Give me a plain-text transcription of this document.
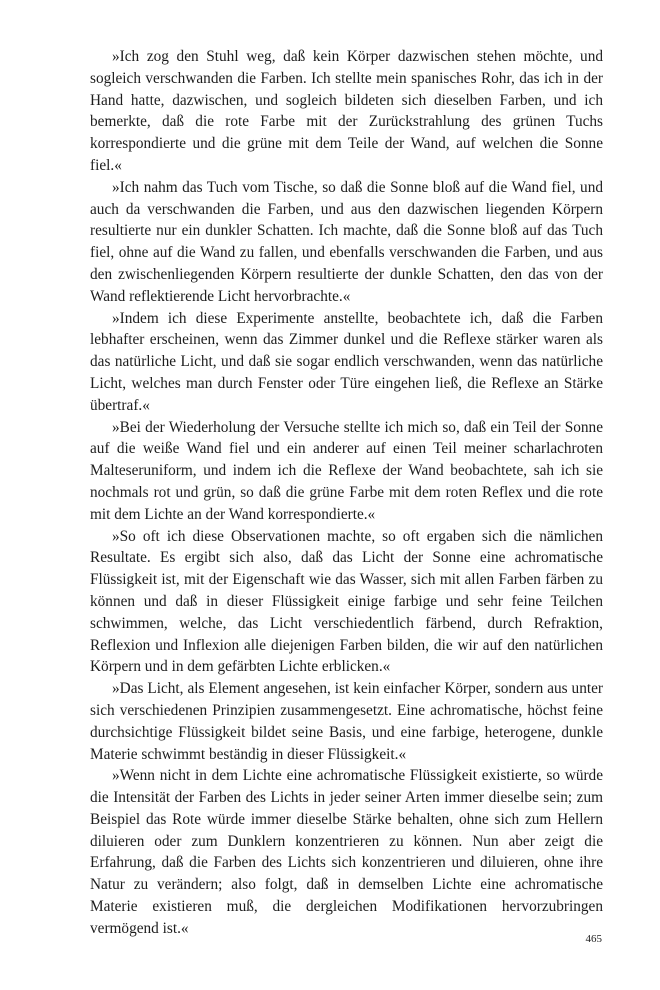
»Ich zog den Stuhl weg, daß kein Körper dazwischen stehen möchte, und sogleich verschwanden die Farben. Ich stellte mein spanisches Rohr, das ich in der Hand hatte, dazwischen, und sogleich bildeten sich dieselben Farben, und ich bemerkte, daß die rote Farbe mit der Zurückstrahlung des grünen Tuchs korrespondierte und die grüne mit dem Teile der Wand, auf welchen die Sonne fiel.«

»Ich nahm das Tuch vom Tische, so daß die Sonne bloß auf die Wand fiel, und auch da verschwanden die Farben, und aus den dazwischen liegenden Körpern resultierte nur ein dunkler Schatten. Ich machte, daß die Sonne bloß auf das Tuch fiel, ohne auf die Wand zu fallen, und ebenfalls verschwanden die Farben, und aus den zwischenliegenden Körpern resultierte der dunkle Schatten, den das von der Wand reflektierende Licht hervorbrachte.«

»Indem ich diese Experimente anstellte, beobachtete ich, daß die Farben lebhafter erscheinen, wenn das Zimmer dunkel und die Reflexe stärker waren als das natürliche Licht, und daß sie sogar endlich verschwanden, wenn das natürliche Licht, welches man durch Fenster oder Türe eingehen ließ, die Reflexe an Stärke übertraf.«

»Bei der Wiederholung der Versuche stellte ich mich so, daß ein Teil der Sonne auf die weiße Wand fiel und ein anderer auf einen Teil meiner scharlachroten Malteseruniform, und indem ich die Reflexe der Wand beobachtete, sah ich sie nochmals rot und grün, so daß die grüne Farbe mit dem roten Reflex und die rote mit dem Lichte an der Wand korrespondierte.«

»So oft ich diese Observationen machte, so oft ergaben sich die nämlichen Resultate. Es ergibt sich also, daß das Licht der Sonne eine achromatische Flüssigkeit ist, mit der Eigenschaft wie das Wasser, sich mit allen Farben färben zu können und daß in dieser Flüssigkeit einige farbige und sehr feine Teilchen schwimmen, welche, das Licht verschiedentlich färbend, durch Refraktion, Reflexion und Inflexion alle diejenigen Farben bilden, die wir auf den natürlichen Körpern und in dem gefärbten Lichte erblicken.«

»Das Licht, als Element angesehen, ist kein einfacher Körper, sondern aus unter sich verschiedenen Prinzipien zusammengesetzt. Eine achromatische, höchst feine durchsichtige Flüssigkeit bildet seine Basis, und eine farbige, heterogene, dunkle Materie schwimmt beständig in dieser Flüssigkeit.«

»Wenn nicht in dem Lichte eine achromatische Flüssigkeit existierte, so würde die Intensität der Farben des Lichts in jeder seiner Arten immer dieselbe sein; zum Beispiel das Rote würde immer dieselbe Stärke behalten, ohne sich zum Hellern diluieren oder zum Dunklern konzentrieren zu können. Nun aber zeigt die Erfahrung, daß die Farben des Lichts sich konzentrieren und diluieren, ohne ihre Natur zu verändern; also folgt, daß in demselben Lichte eine achromatische Materie existieren muß, die dergleichen Modifikationen hervorzubringen vermögend ist.«

465
